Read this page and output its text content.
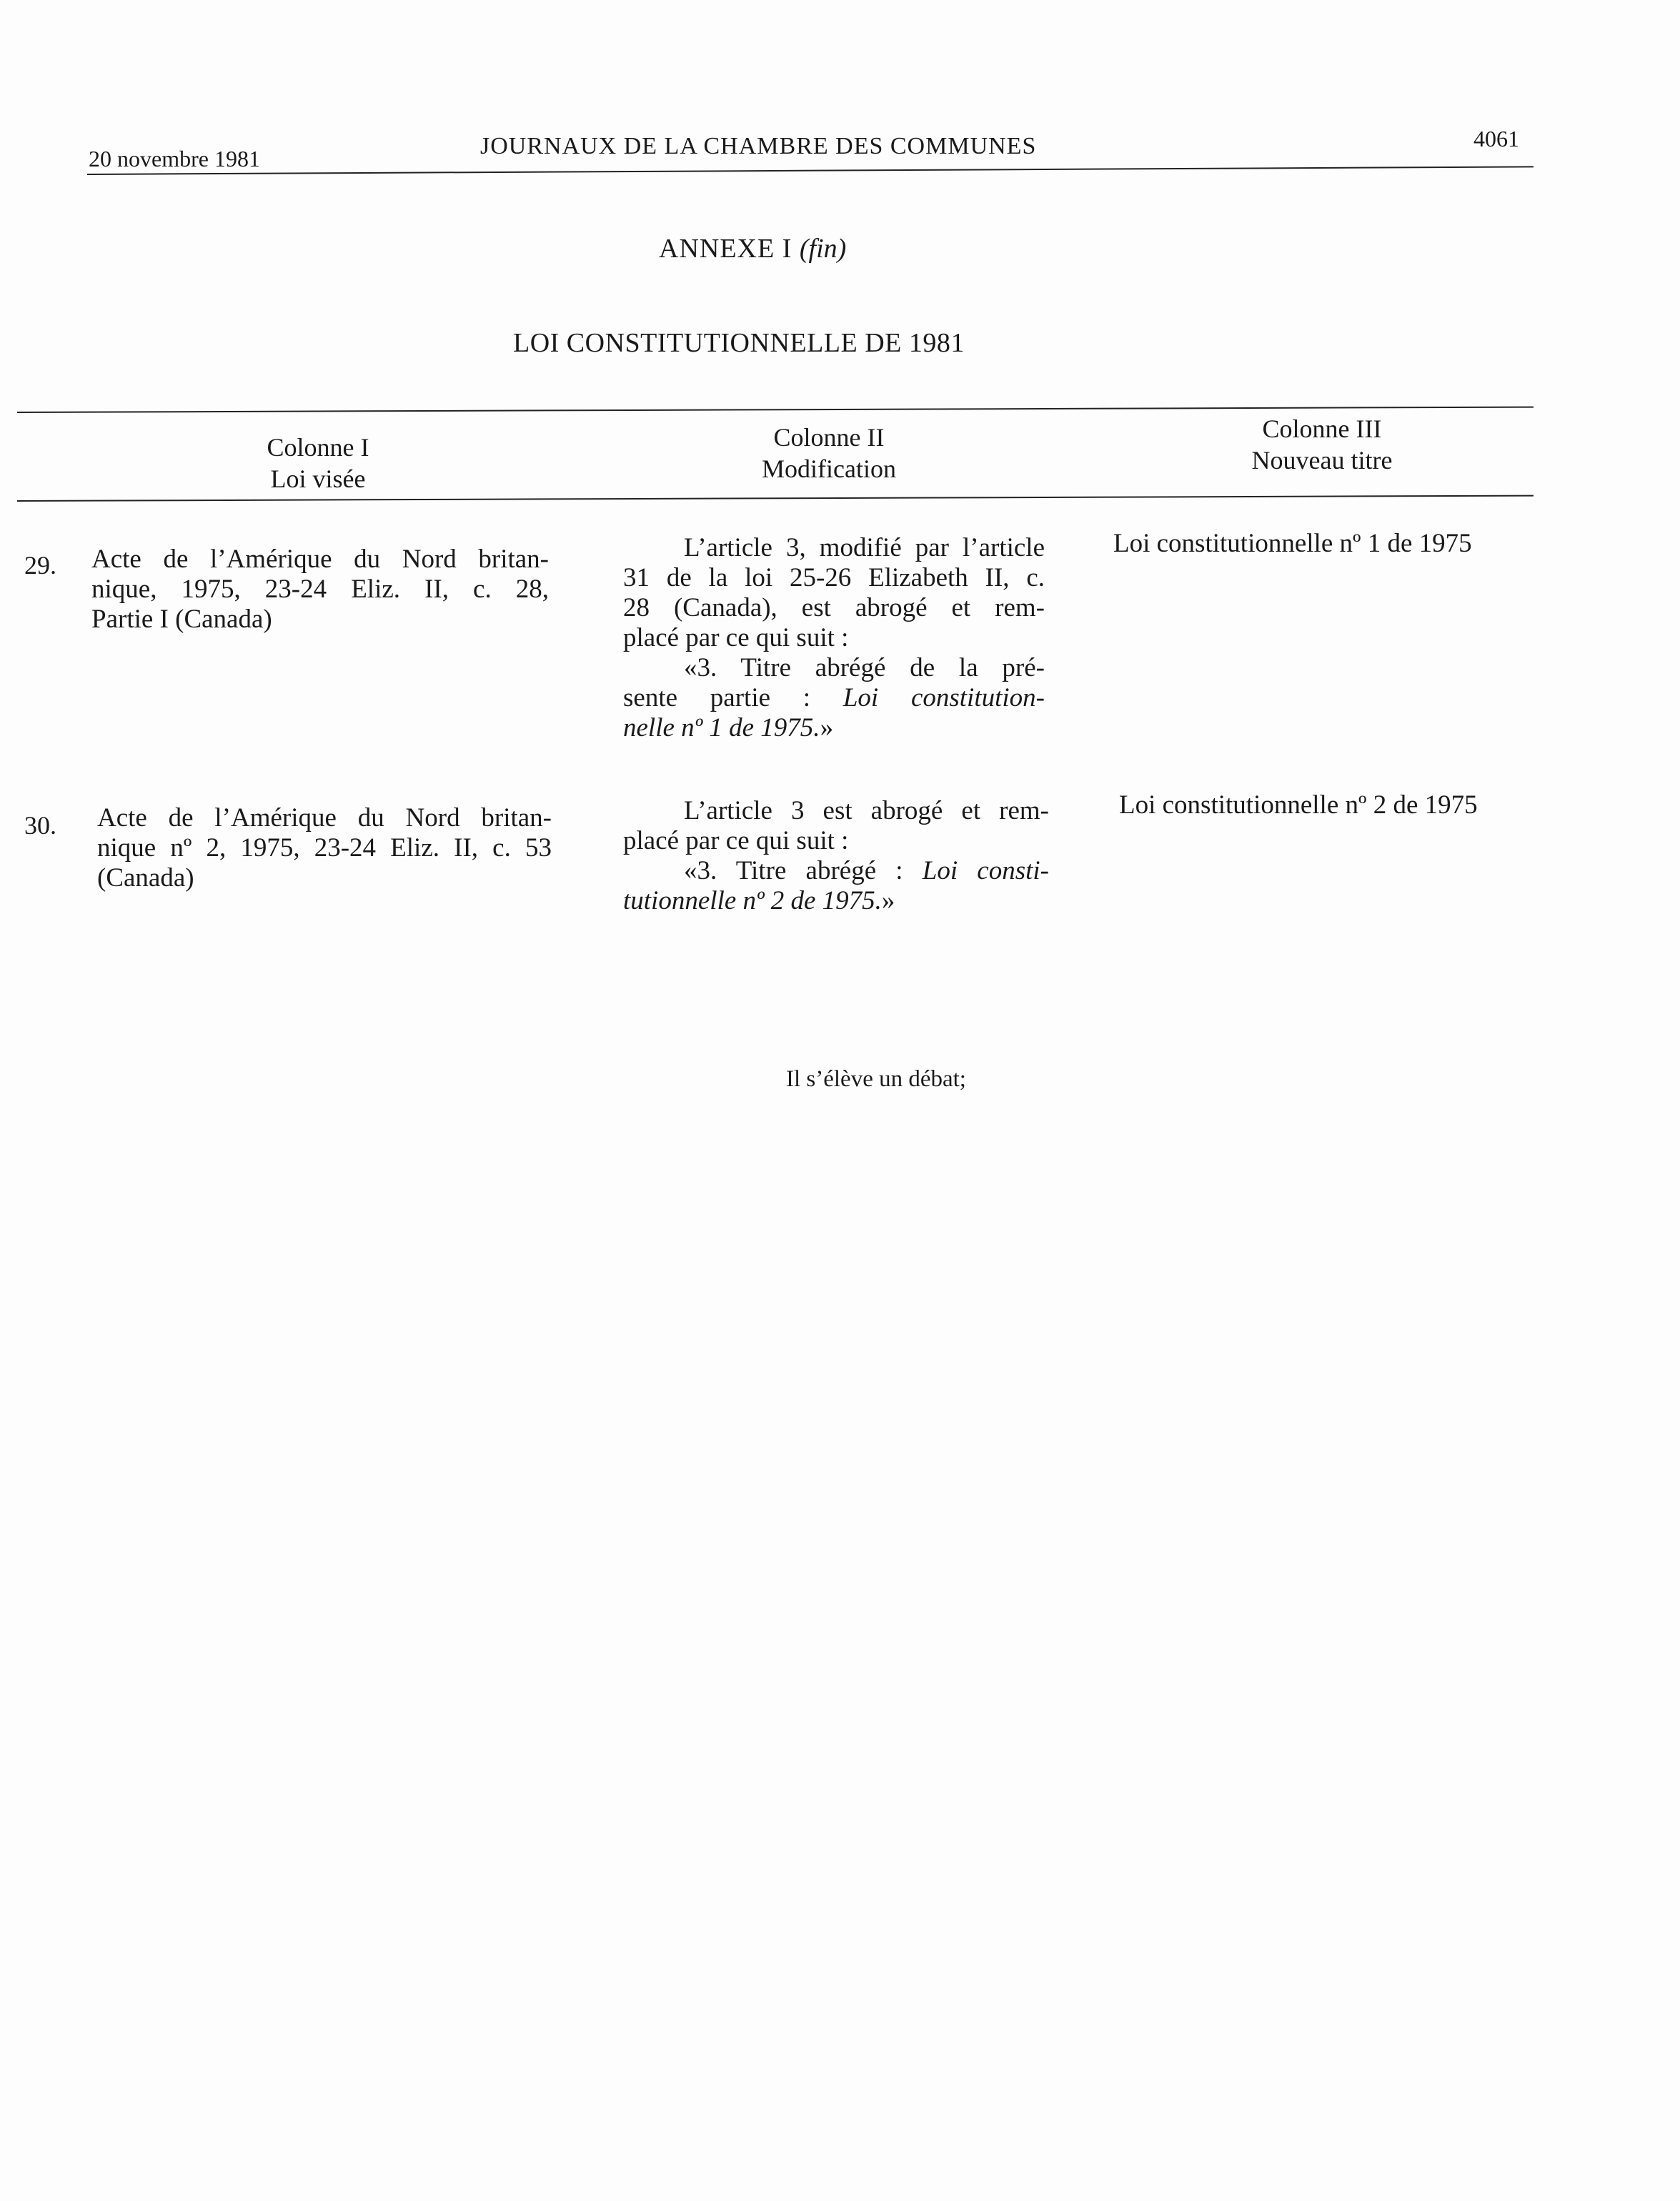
20 novembre 1981	JOURNAUX DE LA CHAMBRE DES COMMUNES	4061
ANNEXE I (fin)
LOI CONSTITUTIONNELLE DE 1981
Colonne I
Loi visée
Colonne II
Modification
Colonne III
Nouveau titre
29. Acte de l’Amérique du Nord britan-
nique, 1975, 23-24 Eliz. II, c. 28,
Partie I (Canada)
L’article 3, modifié par l’article
31 de la loi 25-26 Elizabeth II, c.
28 (Canada), est abrogé et rem-
placé par ce qui suit :
«3. Titre abrégé de la pré-
sente partie : Loi constitution-
nelle nº 1 de 1975.»
Loi constitutionnelle nº 1 de 1975
30. Acte de l’Amérique du Nord britan-
nique nº 2, 1975, 23-24 Eliz. II, c. 53
(Canada)
L’article 3 est abrogé et rem-
placé par ce qui suit :
«3. Titre abrégé : Loi consti-
tutionnelle nº 2 de 1975.»
Loi constitutionnelle nº 2 de 1975
Il s’élève un débat;
